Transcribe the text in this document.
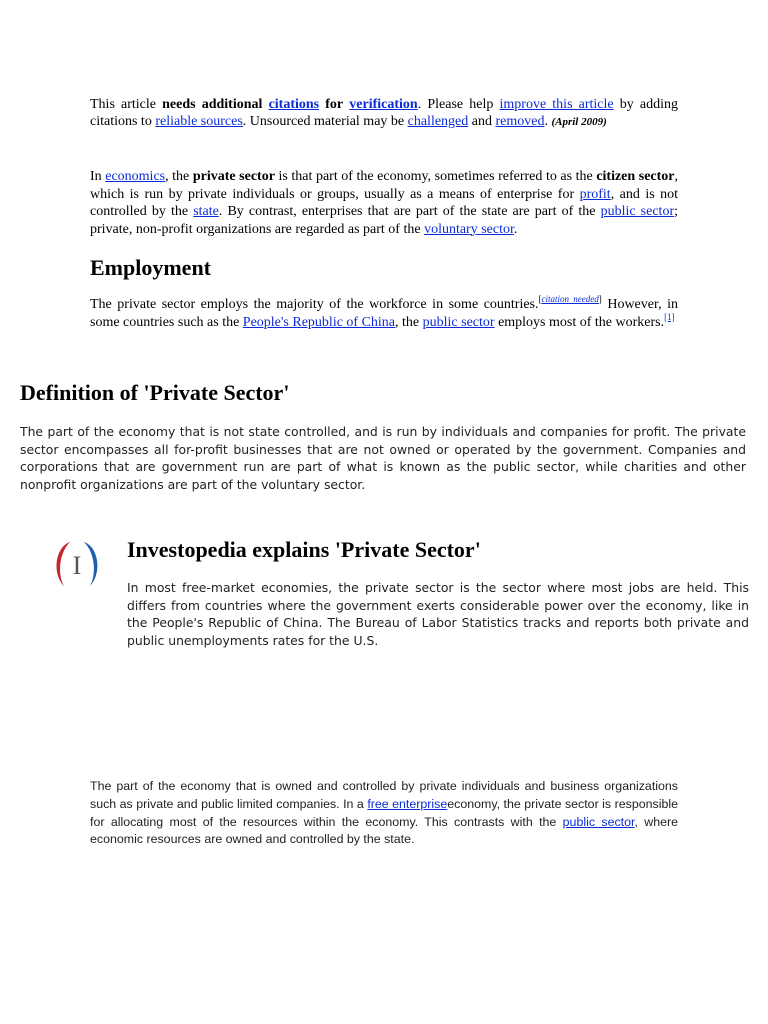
This article needs additional citations for verification. Please help improve this article by adding citations to reliable sources. Unsourced material may be challenged and removed. (April 2009)
In economics, the private sector is that part of the economy, sometimes referred to as the citizen sector, which is run by private individuals or groups, usually as a means of enterprise for profit, and is not controlled by the state. By contrast, enterprises that are part of the state are part of the public sector; private, non-profit organizations are regarded as part of the voluntary sector.
Employment
The private sector employs the majority of the workforce in some countries.[citation needed] However, in some countries such as the People's Republic of China, the public sector employs most of the workers.[1]
Definition of 'Private Sector'
The part of the economy that is not state controlled, and is run by individuals and companies for profit. The private sector encompasses all for-profit businesses that are not owned or operated by the government. Companies and corporations that are government run are part of what is known as the public sector, while charities and other nonprofit organizations are part of the voluntary sector.
I
Investopedia explains 'Private Sector'
In most free-market economies, the private sector is the sector where most jobs are held. This differs from countries where the government exerts considerable power over the economy, like in the People's Republic of China. The Bureau of Labor Statistics tracks and reports both private and public unemployments rates for the U.S.
The part of the economy that is owned and controlled by private individuals and business organizations such as private and public limited companies. In a free enterpriseeconomy, the private sector is responsible for allocating most of the resources within the economy. This contrasts with the public sector, where economic resources are owned and controlled by the state.
